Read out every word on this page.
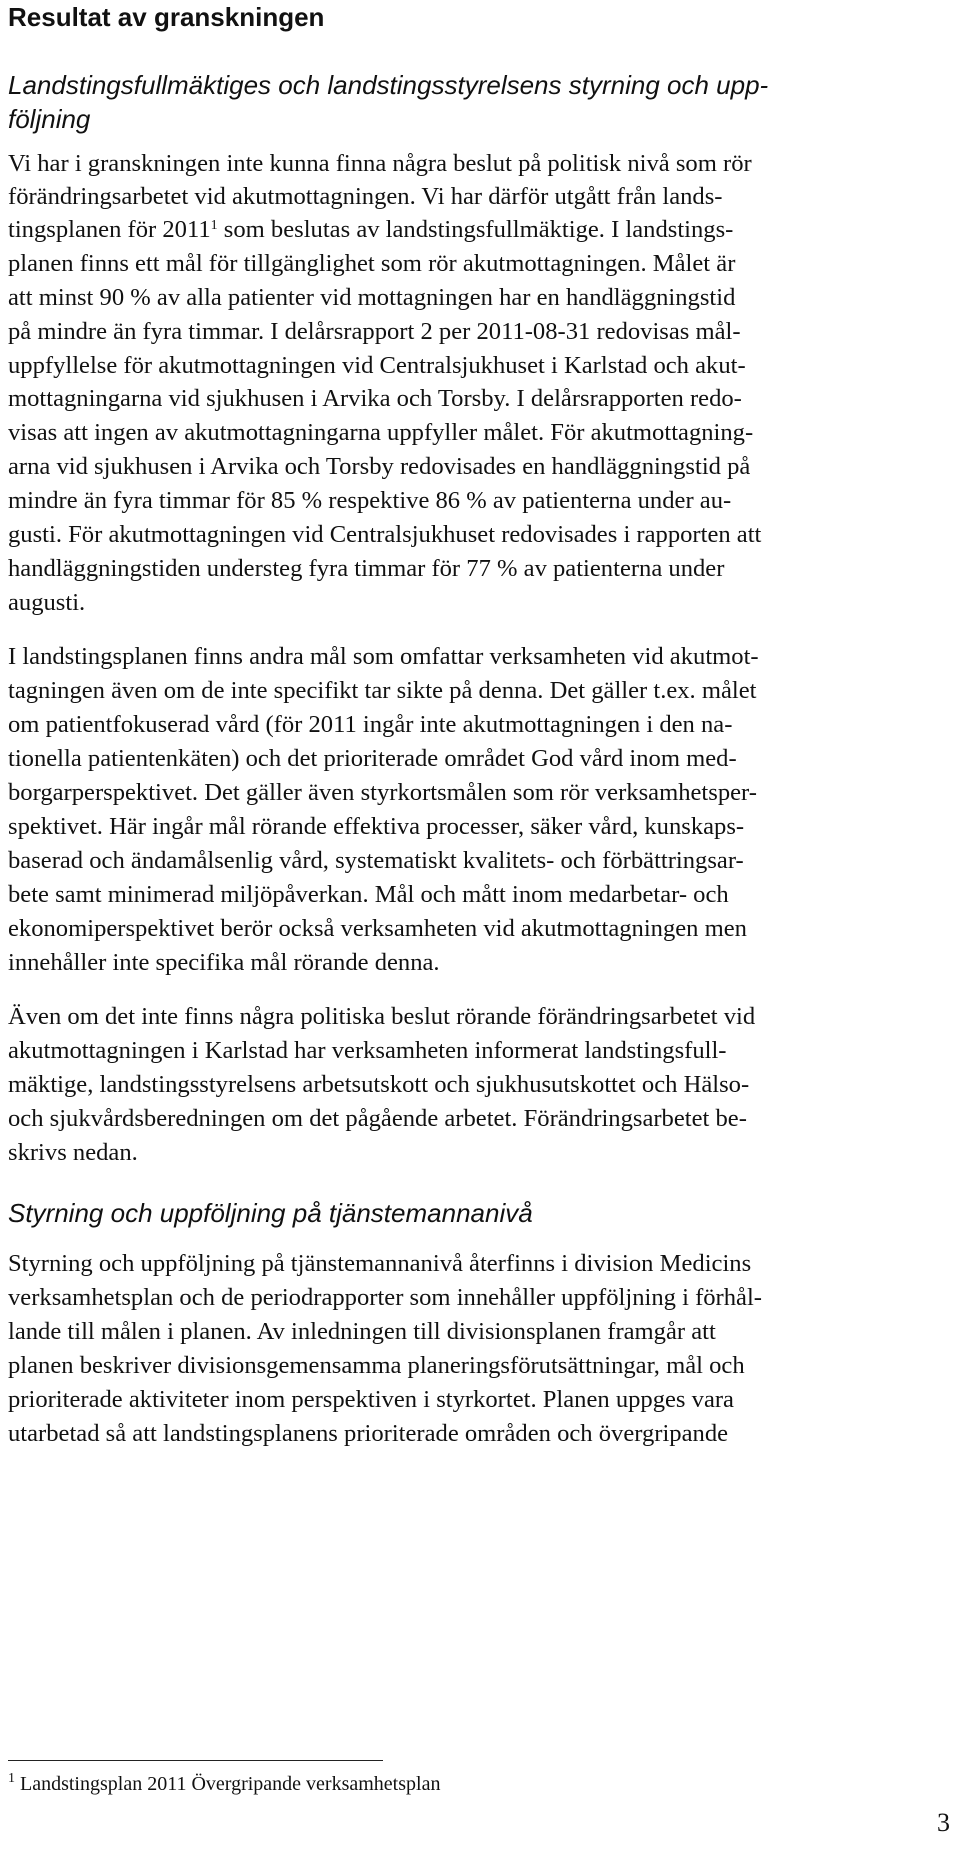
Resultat av granskningen

Landstingsfullmäktiges och landstingsstyrelsens styrning och upp-

följning

Vi har i granskningen inte kunna finna några beslut på politisk nivå som rör

förändringsarbetet vid akutmottagningen. Vi har därför utgått från lands-

tingsplanen för 2011$^1$ som beslutas av landstingsfullmäktige. I landstings-

planen finns ett mål för tillgänglighet som rör akutmottagningen. Målet är

att minst 90 % av alla patienter vid mottagningen har en handläggningstid

på mindre än fyra timmar. I delårsrapport 2 per 2011-08-31 redovisas mål-

uppfyllelse för akutmottagningen vid Centralsjukhuset i Karlstad och akut-

mottagningarna vid sjukhusen i Arvika och Torsby. I delårsrapporten redo-

visas att ingen av akutmottagningarna uppfyller målet. För akutmottagning-

arna vid sjukhusen i Arvika och Torsby redovisades en handläggningstid på

mindre än fyra timmar för 85 % respektive 86 % av patienterna under au-

gusti. För akutmottagningen vid Centralsjukhuset redovisades i rapporten att

handläggningstiden understeg fyra timmar för 77 % av patienterna under

augusti.

I landstingsplanen finns andra mål som omfattar verksamheten vid akutmot-

tagningen även om de inte specifikt tar sikte på denna. Det gäller t.ex. målet

om patientfokuserad vård (för 2011 ingår inte akutmottagningen i den na-

tionella patientenkäten) och det prioriterade området God vård inom med-

borgarperspektivet. Det gäller även styrkortsmålen som rör verksamhetsper-

spektivet. Här ingår mål rörande effektiva processer, säker vård, kunskaps-

baserad och ändamålsenlig vård, systematiskt kvalitets- och förbättringsar-

bete samt minimerad miljöpåverkan. Mål och mått inom medarbetar- och

ekonomiperspektivet berör också verksamheten vid akutmottagningen men

innehåller inte specifika mål rörande denna.

Även om det inte finns några politiska beslut rörande förändringsarbetet vid

akutmottagningen i Karlstad har verksamheten informerat landstingsfull-

mäktige, landstingsstyrelsens arbetsutskott och sjukhusutskottet och Hälso-

och sjukvårdsberedningen om det pågående arbetet. Förändringsarbetet be-

skrivs nedan.

Styrning och uppföljning på tjänstemannanivå

Styrning och uppföljning på tjänstemannanivå återfinns i division Medicins

verksamhetsplan och de periodrapporter som innehåller uppföljning i förhål-

lande till målen i planen. Av inledningen till divisionsplanen framgår att

planen beskriver divisionsgemensamma planeringsförutsättningar, mål och

prioriterade aktiviteter inom perspektiven i styrkortet. Planen uppges vara

utarbetad så att landstingsplanens prioriterade områden och övergripande

$^1$ Landstingsplan 2011 Övergripande verksamhetsplan

3
